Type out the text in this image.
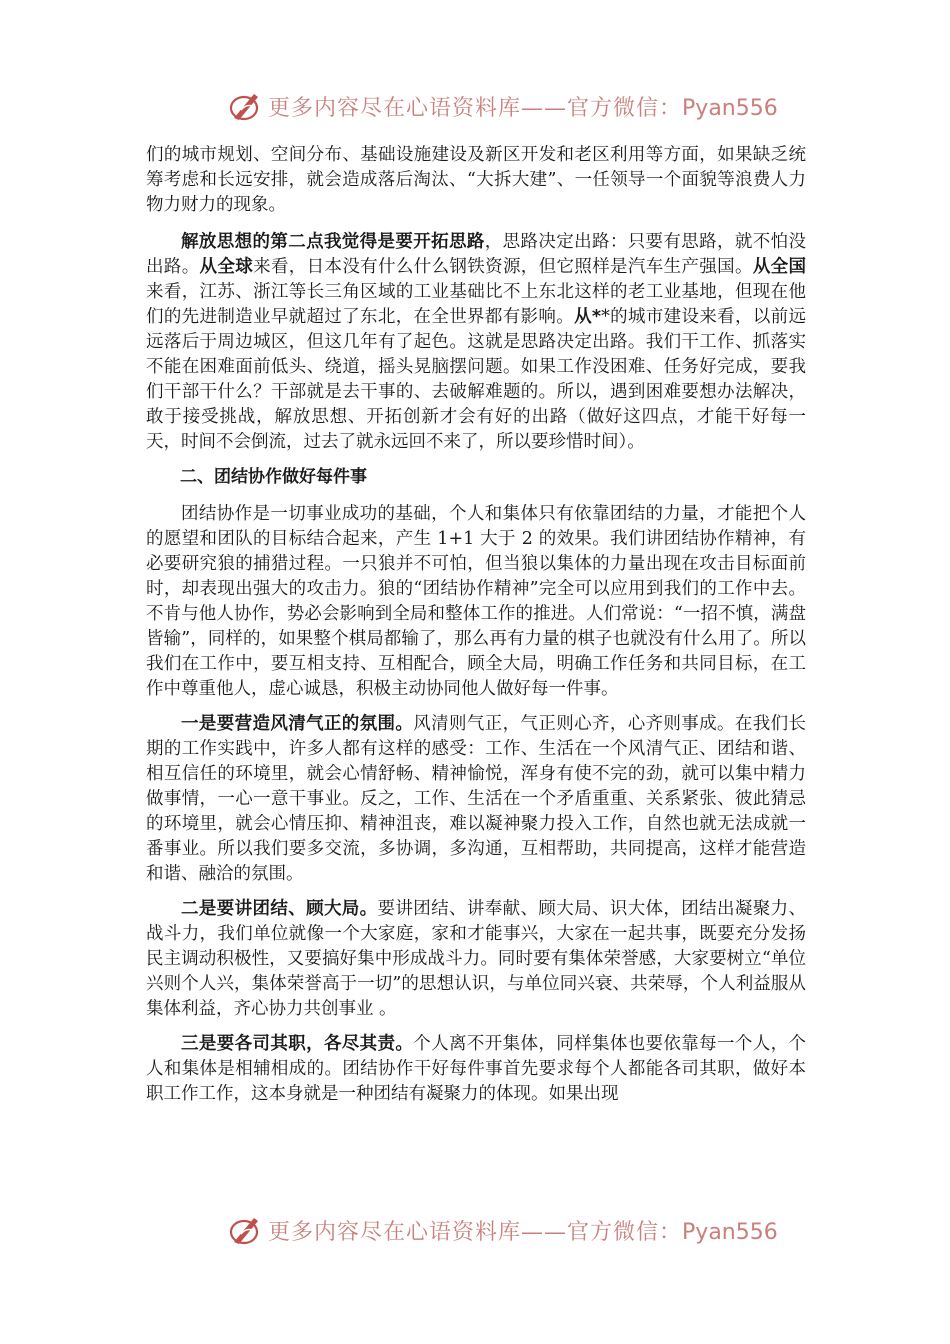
更多内容尽在心语资料库——官方微信：Pyan556

们的城市规划、空间分布、基础设施建设及新区开发和老区利用等方面，如果缺乏统筹考虑和长远安排，就会造成落后淘汰、“大拆大建”、一任领导一个面貌等浪费人力物力财力的现象。

解放思想的第二点我觉得是要开拓思路，思路决定出路：只要有思路，就不怕没出路。从全球来看，日本没有什么什么钢铁资源，但它照样是汽车生产强国。从全国来看，江苏、浙江等长三角区域的工业基础比不上东北这样的老工业基地，但现在他们的先进制造业早就超过了东北，在全世界都有影响。从**的城市建设来看，以前远远落后于周边城区，但这几年有了起色。这就是思路决定出路。我们干工作、抓落实不能在困难面前低头、绕道，摇头晃脑摆问题。如果工作没困难、任务好完成，要我们干部干什么？干部就是去干事的、去破解难题的。所以，遇到困难要想办法解决，敢于接受挑战，解放思想、开拓创新才会有好的出路（做好这四点，才能干好每一天，时间不会倒流，过去了就永远回不来了，所以要珍惜时间）。

二、团结协作做好每件事

团结协作是一切事业成功的基础，个人和集体只有依靠团结的力量，才能把个人的愿望和团队的目标结合起来，产生 1+1 大于 2 的效果。我们讲团结协作精神，有必要研究狼的捕猎过程。一只狼并不可怕，但当狼以集体的力量出现在攻击目标面前时，却表现出强大的攻击力。狼的“团结协作精神”完全可以应用到我们的工作中去。不肯与他人协作，势必会影响到全局和整体工作的推进。人们常说：“一招不慎，满盘皆输”，同样的，如果整个棋局都输了，那么再有力量的棋子也就没有什么用了。所以我们在工作中，要互相支持、互相配合，顾全大局，明确工作任务和共同目标，在工作中尊重他人，虚心诚恳，积极主动协同他人做好每一件事。

一是要营造风清气正的氛围。风清则气正，气正则心齐，心齐则事成。在我们长期的工作实践中，许多人都有这样的感受：工作、生活在一个风清气正、团结和谐、相互信任的环境里，就会心情舒畅、精神愉悦，浑身有使不完的劲，就可以集中精力做事情，一心一意干事业。反之，工作、生活在一个矛盾重重、关系紧张、彼此猜忌的环境里，就会心情压抑、精神沮丧，难以凝神聚力投入工作，自然也就无法成就一番事业。所以我们要多交流，多协调，多沟通，互相帮助，共同提高，这样才能营造和谐、融洽的氛围。

二是要讲团结、顾大局。要讲团结、讲奉献、顾大局、识大体，团结出凝聚力、战斗力，我们单位就像一个大家庭，家和才能事兴，大家在一起共事，既要充分发扬民主调动积极性，又要搞好集中形成战斗力。同时要有集体荣誉感，大家要树立“单位兴则个人兴，集体荣誉高于一切”的思想认识，与单位同兴衰、共荣辱，个人利益服从集体利益，齐心协力共创事业 。

三是要各司其职，各尽其责。个人离不开集体，同样集体也要依靠每一个人，个人和集体是相辅相成的。团结协作干好每件事首先要求每个人都能各司其职，做好本职工作工作，这本身就是一种团结有凝聚力的体现。如果出现

更多内容尽在心语资料库——官方微信：Pyan556
